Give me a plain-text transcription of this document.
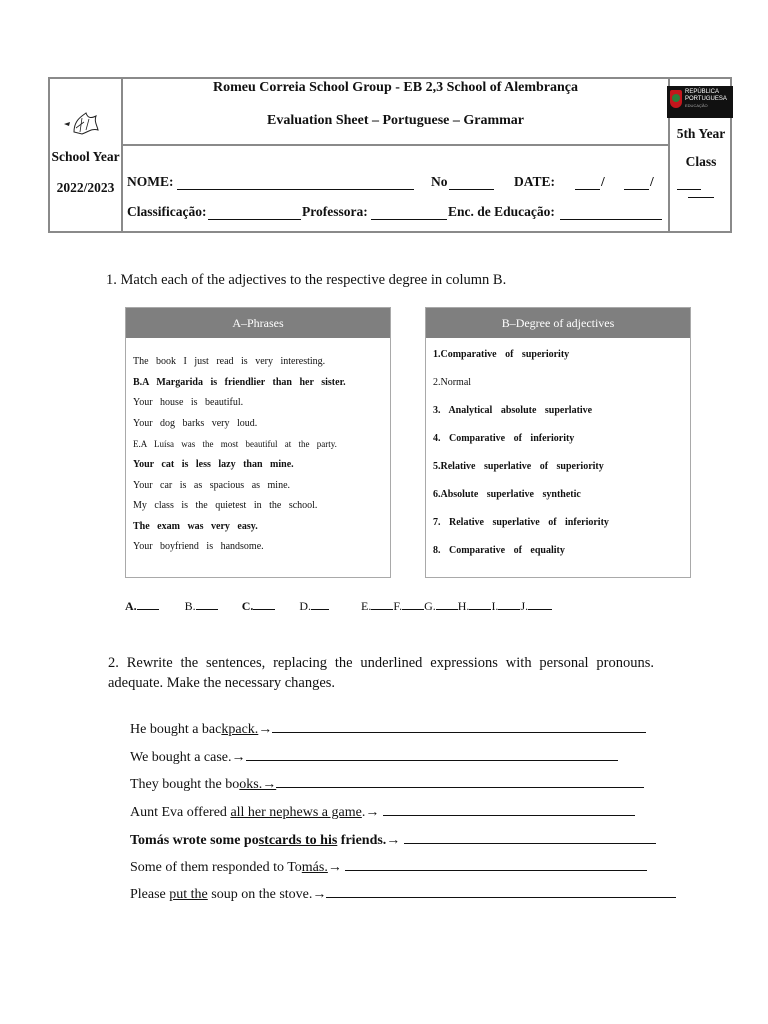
School Year
2022/2023
Romeu Correia School Group - EB 2,3 School of Alembrança
Evaluation Sheet – Portuguese – Grammar
REPÚBLICA PORTUGUESA
EDUCAÇÃO
5th Year
Class
NOME:	No	DATE:	/	/
Classificação:	Professora:	Enc. de Educação:
1. Match each of the adjectives to the respective degree in column B.
A–Phrases
The book I just read is very interesting.
B.A Margarida is friendlier than her sister.
Your house is beautiful.
Your dog barks very loud.
E.A Luísa was the most beautiful at the party.
Your cat is less lazy than mine.
Your car is as spacious as mine.
My class is the quietest in the school.
The exam was very easy.
Your boyfriend is handsome.
B–Degree of adjectives
1.Comparative of superiority
2.Normal
3. Analytical absolute superlative
4. Comparative of inferiority
5.Relative superlative of superiority
6.Absolute superlative synthetic
7. Relative superlative of inferiority
8. Comparative of equality
A.	B.	C.	D.	E. F. G. H. I. J.
2. Rewrite the sentences, replacing the underlined expressions with personal pronouns.
adequate. Make the necessary changes.
He bought a backpack.→
We bought a case.→
They bought the books.→
Aunt Eva offered all her nephews a game.→
Tomás wrote some postcards to his friends.→
Some of them responded to Tomás.→
Please put the soup on the stove.→
